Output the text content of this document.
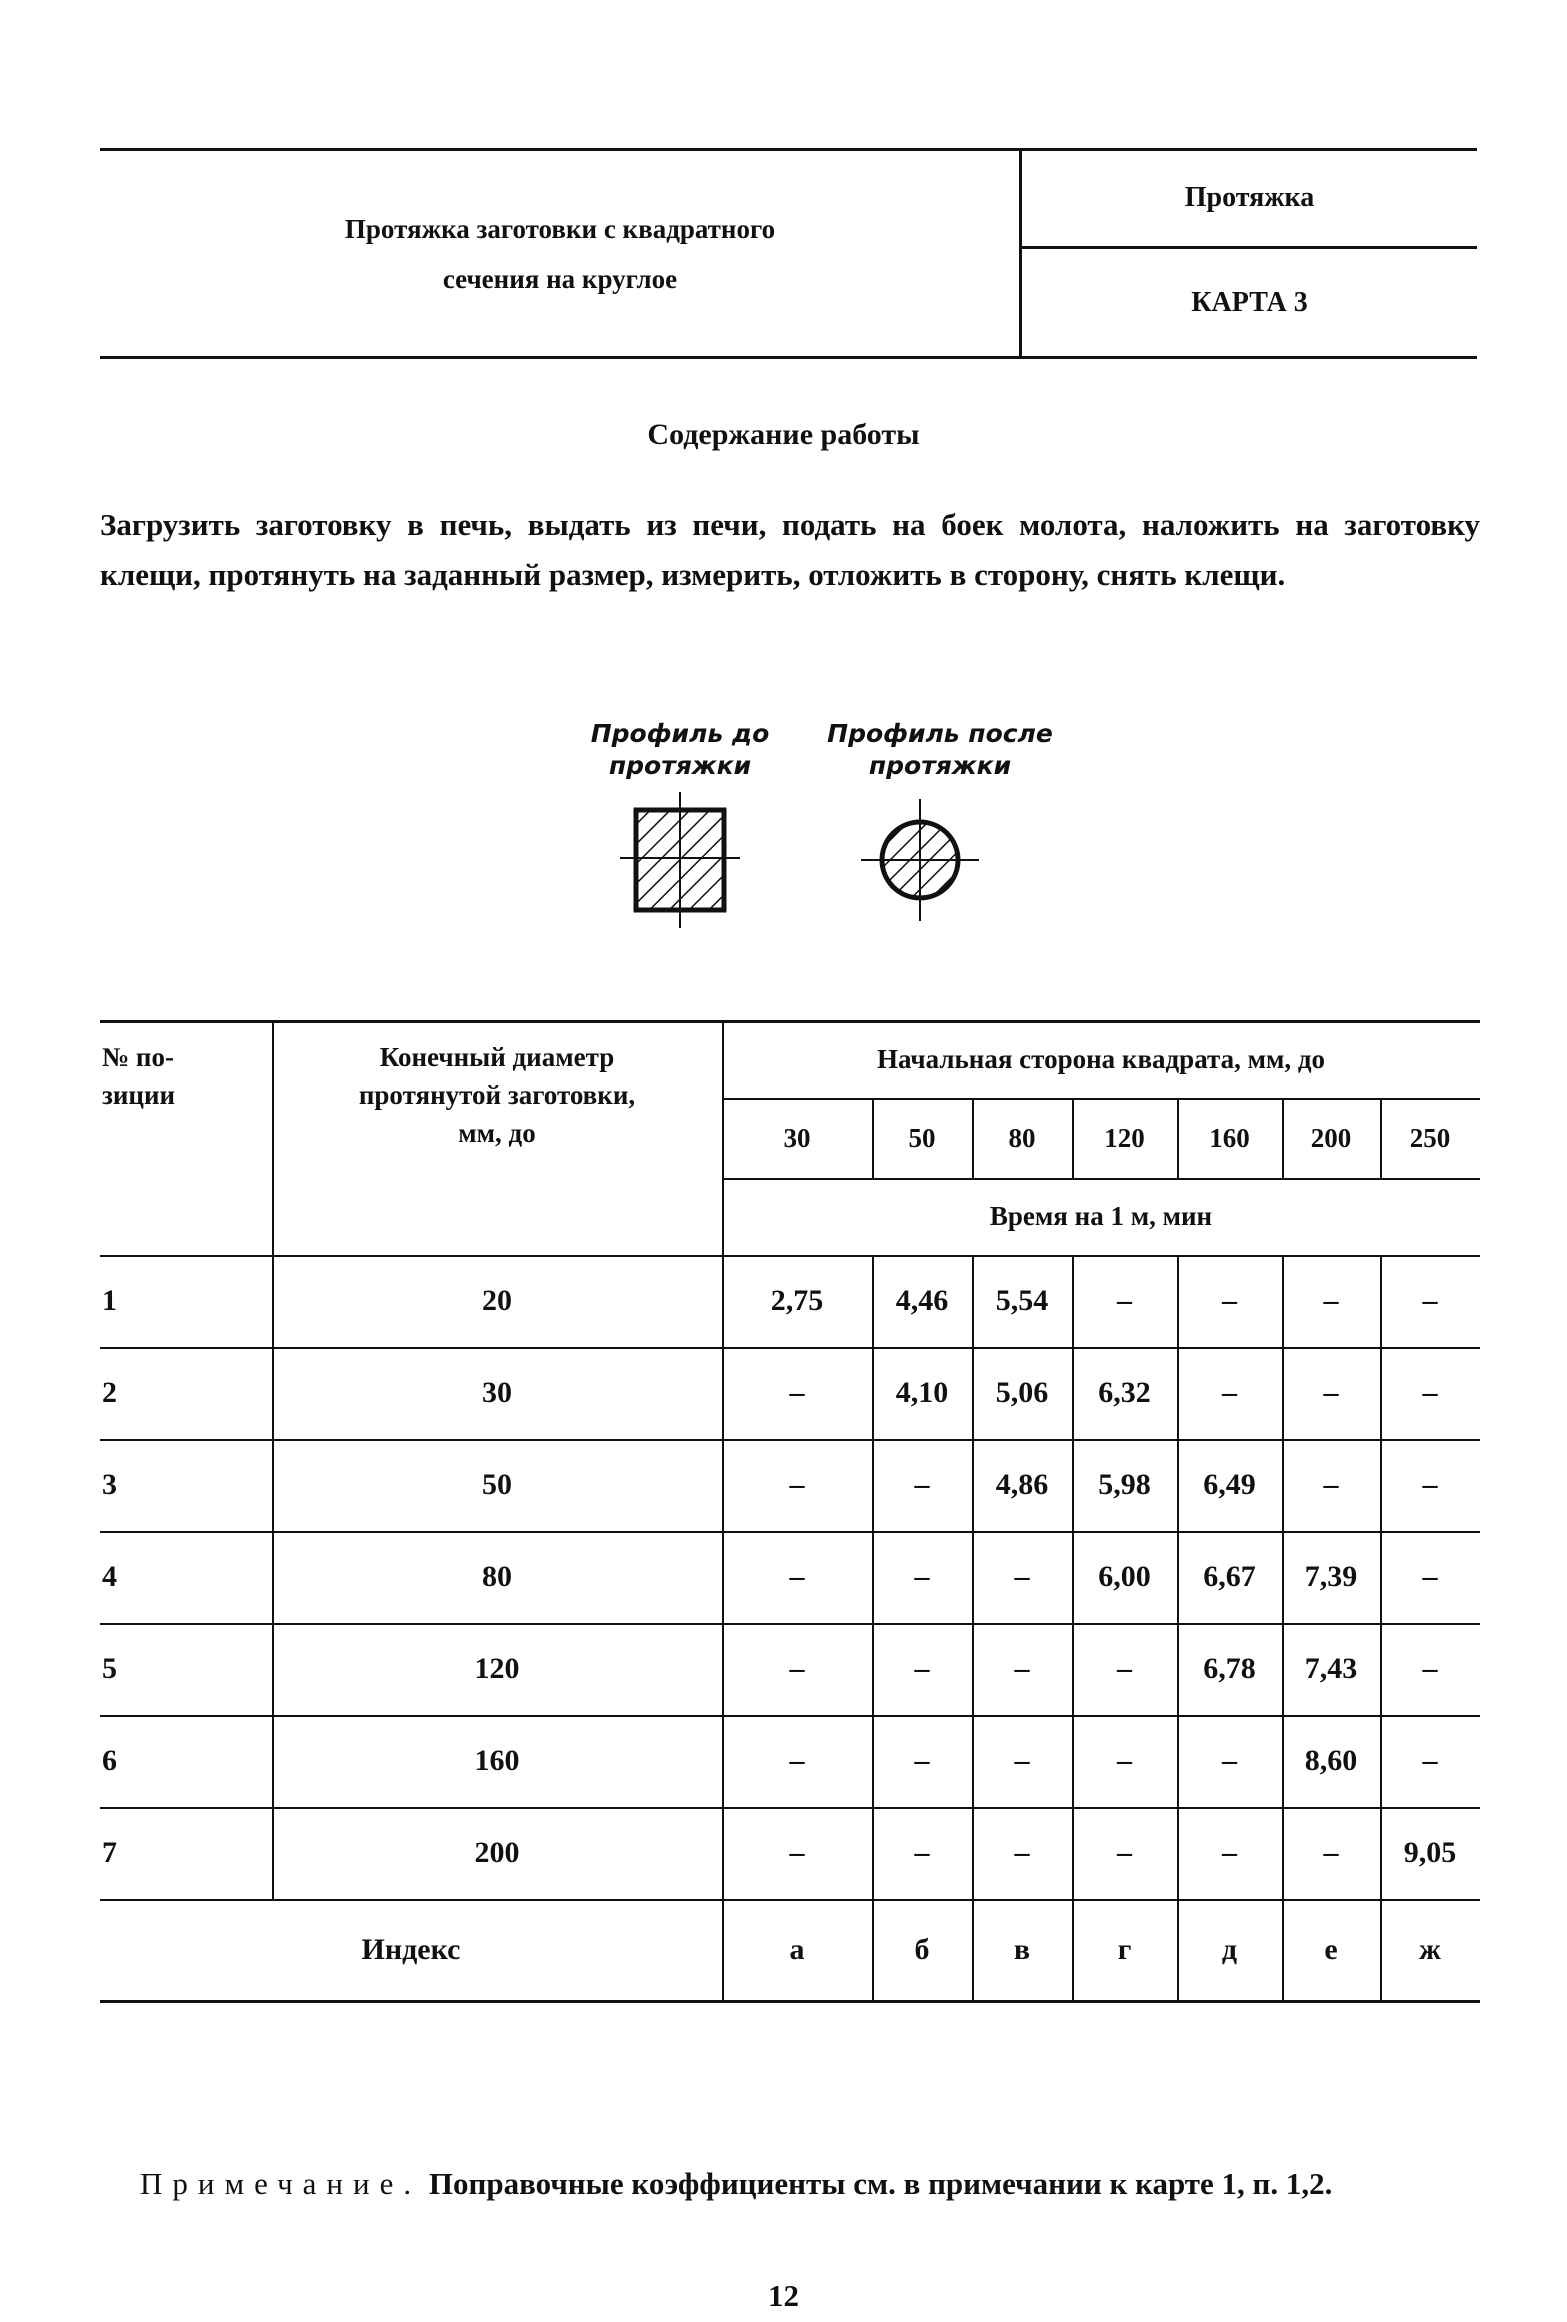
Протяжка заготовки с квадратного
сечения на круглое
Протяжка
КАРТА 3
Содержание работы
Загрузить заготовку в печь, выдать из печи, подать на боек молота, наложить на заготовку клещи, протянуть на заданный размер, измерить, отложить в сторону, снять клещи.
Профиль до
протяжки
Профиль после
протяжки
№ по-
зиции
Конечный диаметр
протянутой заготовки,
мм, до
Начальная сторона квадрата, мм, до
30	50	80	120	160	200	250
Время на 1 м, мин
1	20	2,75	4,46	5,54	–	–	–	–
2	30	–	4,10	5,06	6,32	–	–	–
3	50	–	–	4,86	5,98	6,49	–	–
4	80	–	–	–	6,00	6,67	7,39	–
5	120	–	–	–	–	6,78	7,43	–
6	160	–	–	–	–	–	8,60	–
7	200	–	–	–	–	–	–	9,05
Индекс	а	б	в	г	д	е	ж
Примечание. Поправочные коэффициенты см. в примечании к карте 1, п. 1,2.
12
